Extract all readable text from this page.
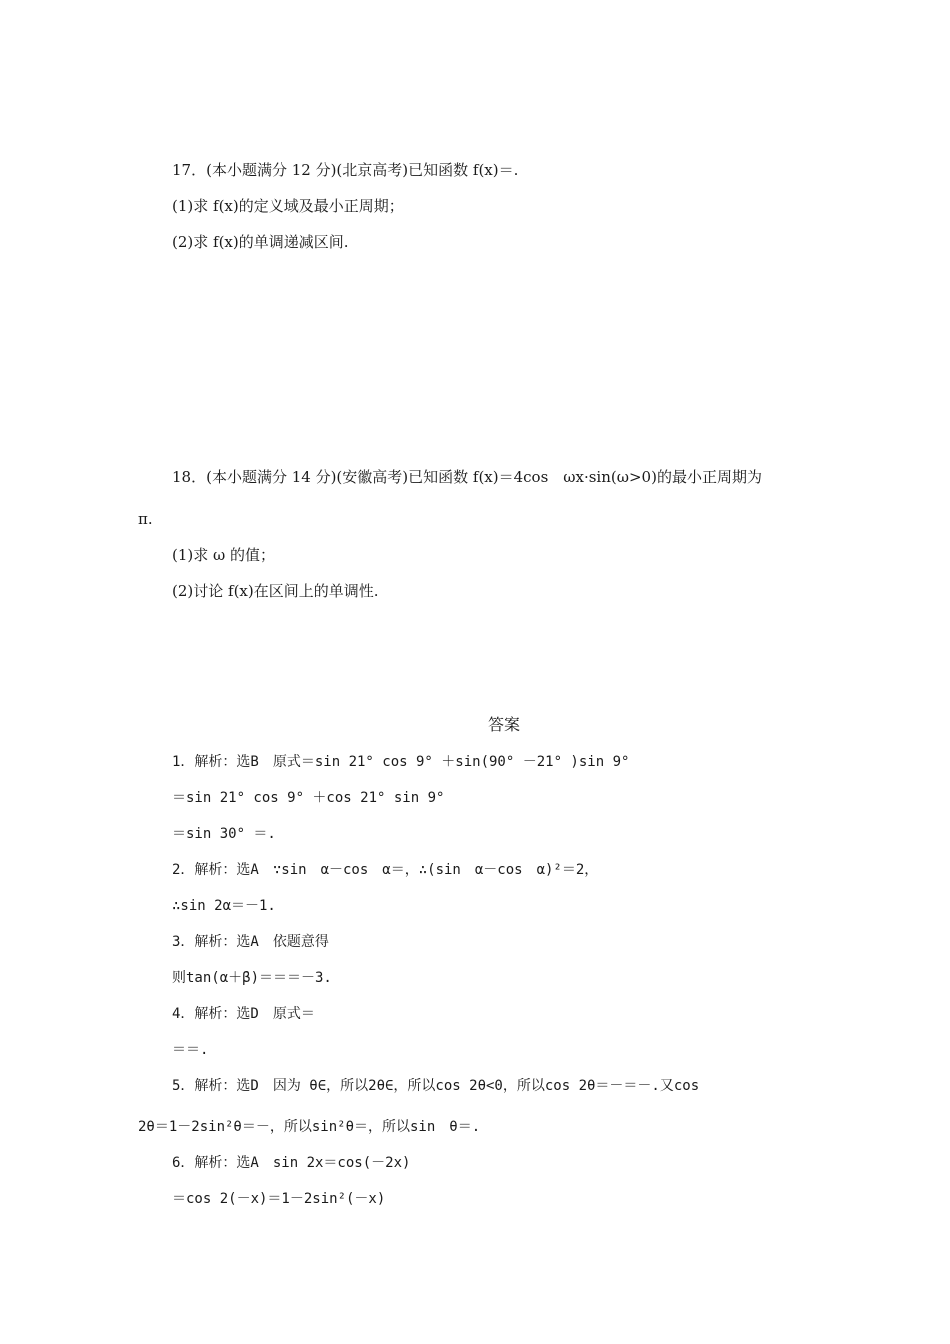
17．(本小题满分 12 分)(北京高考)已知函数 f(x)＝.
(1)求 f(x)的定义域及最小正周期；
(2)求 f(x)的单调递减区间.
18．(本小题满分 14 分)(安徽高考)已知函数 f(x)＝4cos　ωx·sin(ω>0)的最小正周期为
π.
(1)求 ω 的值；
(2)讨论 f(x)在区间上的单调性.
答案
1．解析：选B　原式＝sin 21° cos 9° ＋sin(90° －21° )sin 9°
＝sin 21° cos 9° ＋cos 21° sin 9°
＝sin 30° ＝.
2．解析：选A　∵sin　α－cos　α＝，∴(sin　α－cos　α)²＝2，
∴sin 2α＝－1.
3．解析：选A　依题意得
则tan(α＋β)＝＝＝－3.
4．解析：选D　原式＝
＝＝.
5．解析：选D　因为 θ∈，所以2θ∈，所以cos 2θ<0，所以cos 2θ＝－＝－.又cos
2θ＝1－2sin²θ＝－，所以sin²θ＝，所以sin　θ＝.
6．解析：选A　sin 2x＝cos(－2x)
＝cos 2(－x)＝1－2sin²(－x)
